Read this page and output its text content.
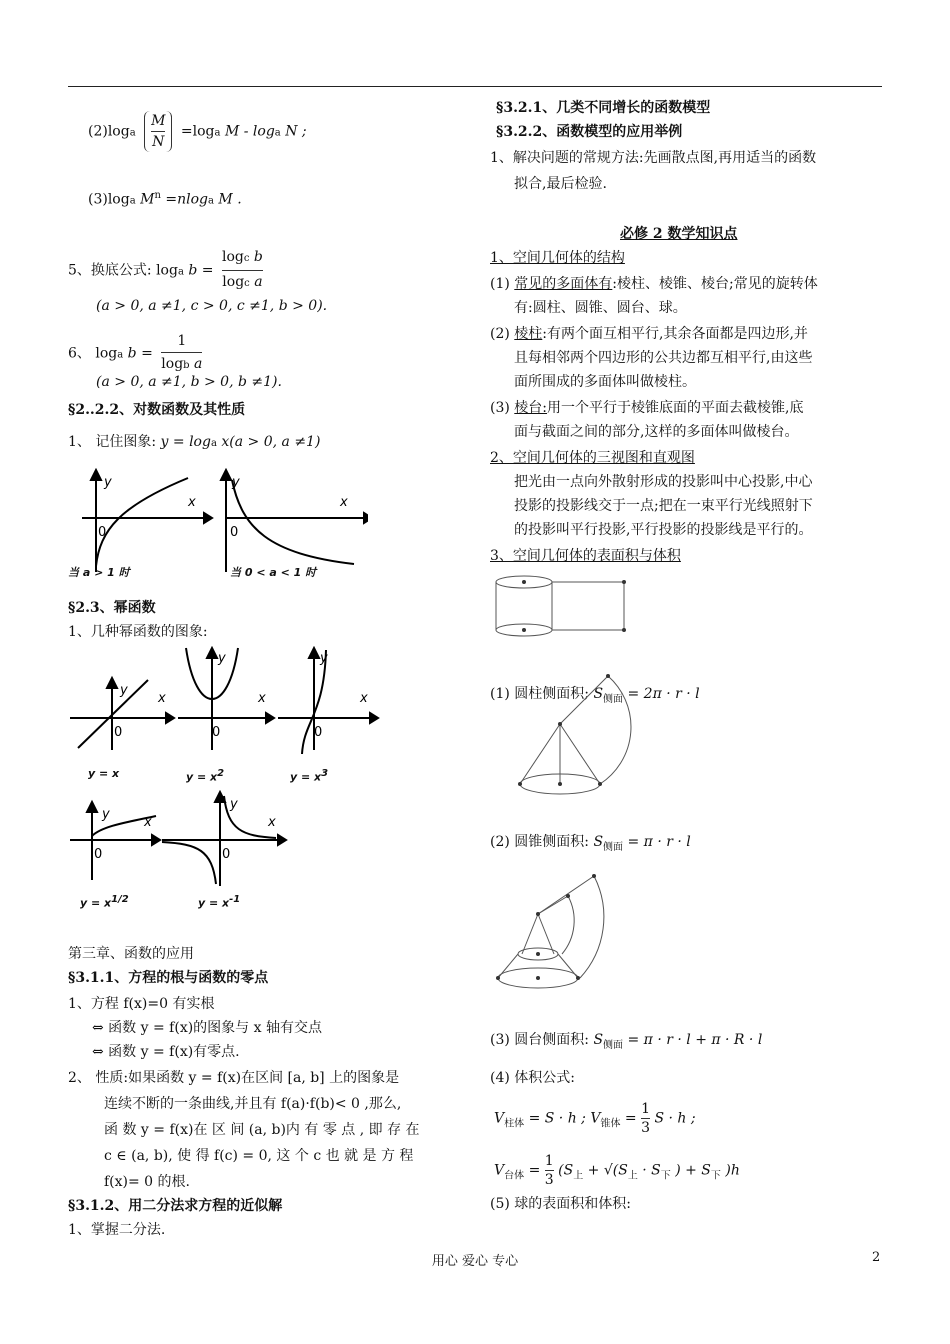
$(2)\log a \frac{M}{N} =\log a$ M - loga N ;
(3)loga $M^n =nloga$ M .
5、换底公式: loga $b = \frac{\text{logc b}}{\text{logc a}}$
(a > 0, a ≠1, c > 0, c ≠1, b > 0).
6、 loga $b = \frac{1}{\text{logb a}}$
(a > 0, a ≠1, b > 0, b ≠1).
§2..2.2、对数函数及其性质
1、 记住图象: y = loga x(a > 0, a ≠1)
当 a > 1 时	当 0 < a < 1 时
§2.3、幂函数
1、几种幂函数的图象:
y = x	$y = x^2$	$y = x^3$
$y = x^{1/2}$	$y = x^{-1}$
第三章、函数的应用
§3.1.1、方程的根与函数的零点
1、方程 f(x)=0 有实根
⇔ 函数 y = f(x)的图象与 x 轴有交点
⇔ 函数 y = f(x)有零点.
2、 性质:如果函数 y = f(x)在区间 [a, b] 上的图象是
连续不断的一条曲线,并且有 f(a)·f(b)< 0 ,那么,
函 数 y = f(x)在 区 间 (a, b)内 有 零 点 , 即 存 在
c ∈ (a, b), 使 得 f(c) = 0, 这 个 c 也 就 是 方 程
f(x)= 0 的根.
§3.1.2、用二分法求方程的近似解
1、掌握二分法.
y
x
0
y
x
0
y
x
0
y
x
0
y
x
0
y
x
0
y
x
0
§3.2.1、几类不同增长的函数模型
§3.2.2、函数模型的应用举例
1、解决问题的常规方法:先画散点图,再用适当的函数
拟合,最后检验.
必修 2 数学知识点
1、空间几何体的结构
(1) 常见的多面体有:棱柱、棱锥、棱台;常见的旋转体
有:圆柱、圆锥、圆台、球。
(2) 棱柱:有两个面互相平行,其余各面都是四边形,并
且每相邻两个四边形的公共边都互相平行,由这些
面所围成的多面体叫做棱柱。
(3) 棱台:用一个平行于棱锥底面的平面去截棱锥,底
面与截面之间的部分,这样的多面体叫做棱台。
2、空间几何体的三视图和直观图
把光由一点向外散射形成的投影叫中心投影,中心
投影的投影线交于一点;把在一束平行光线照射下
的投影叫平行投影,平行投影的投影线是平行的。
3、空间几何体的表面积与体积
(1) 圆柱侧面积; $S_{侧面} = 2\pi \cdot r \cdot l$
(2) 圆锥侧面积: $S_{侧面} = \pi \cdot r \cdot l$
(3) 圆台侧面积: $S_{侧面} = \pi \cdot r \cdot l + \pi \cdot R \cdot l$
(4) 体积公式:
$V_{柱体} = S \cdot h$ ; $V_{锥体} = \frac{1}{3}$ S · h ;
$V_{台体} = \frac{1}{3} (S_上 + √(S_上 \cdot S_下$ ) + $S_下$ )h
(5) 球的表面积和体积:
用心 爱心 专心	2
